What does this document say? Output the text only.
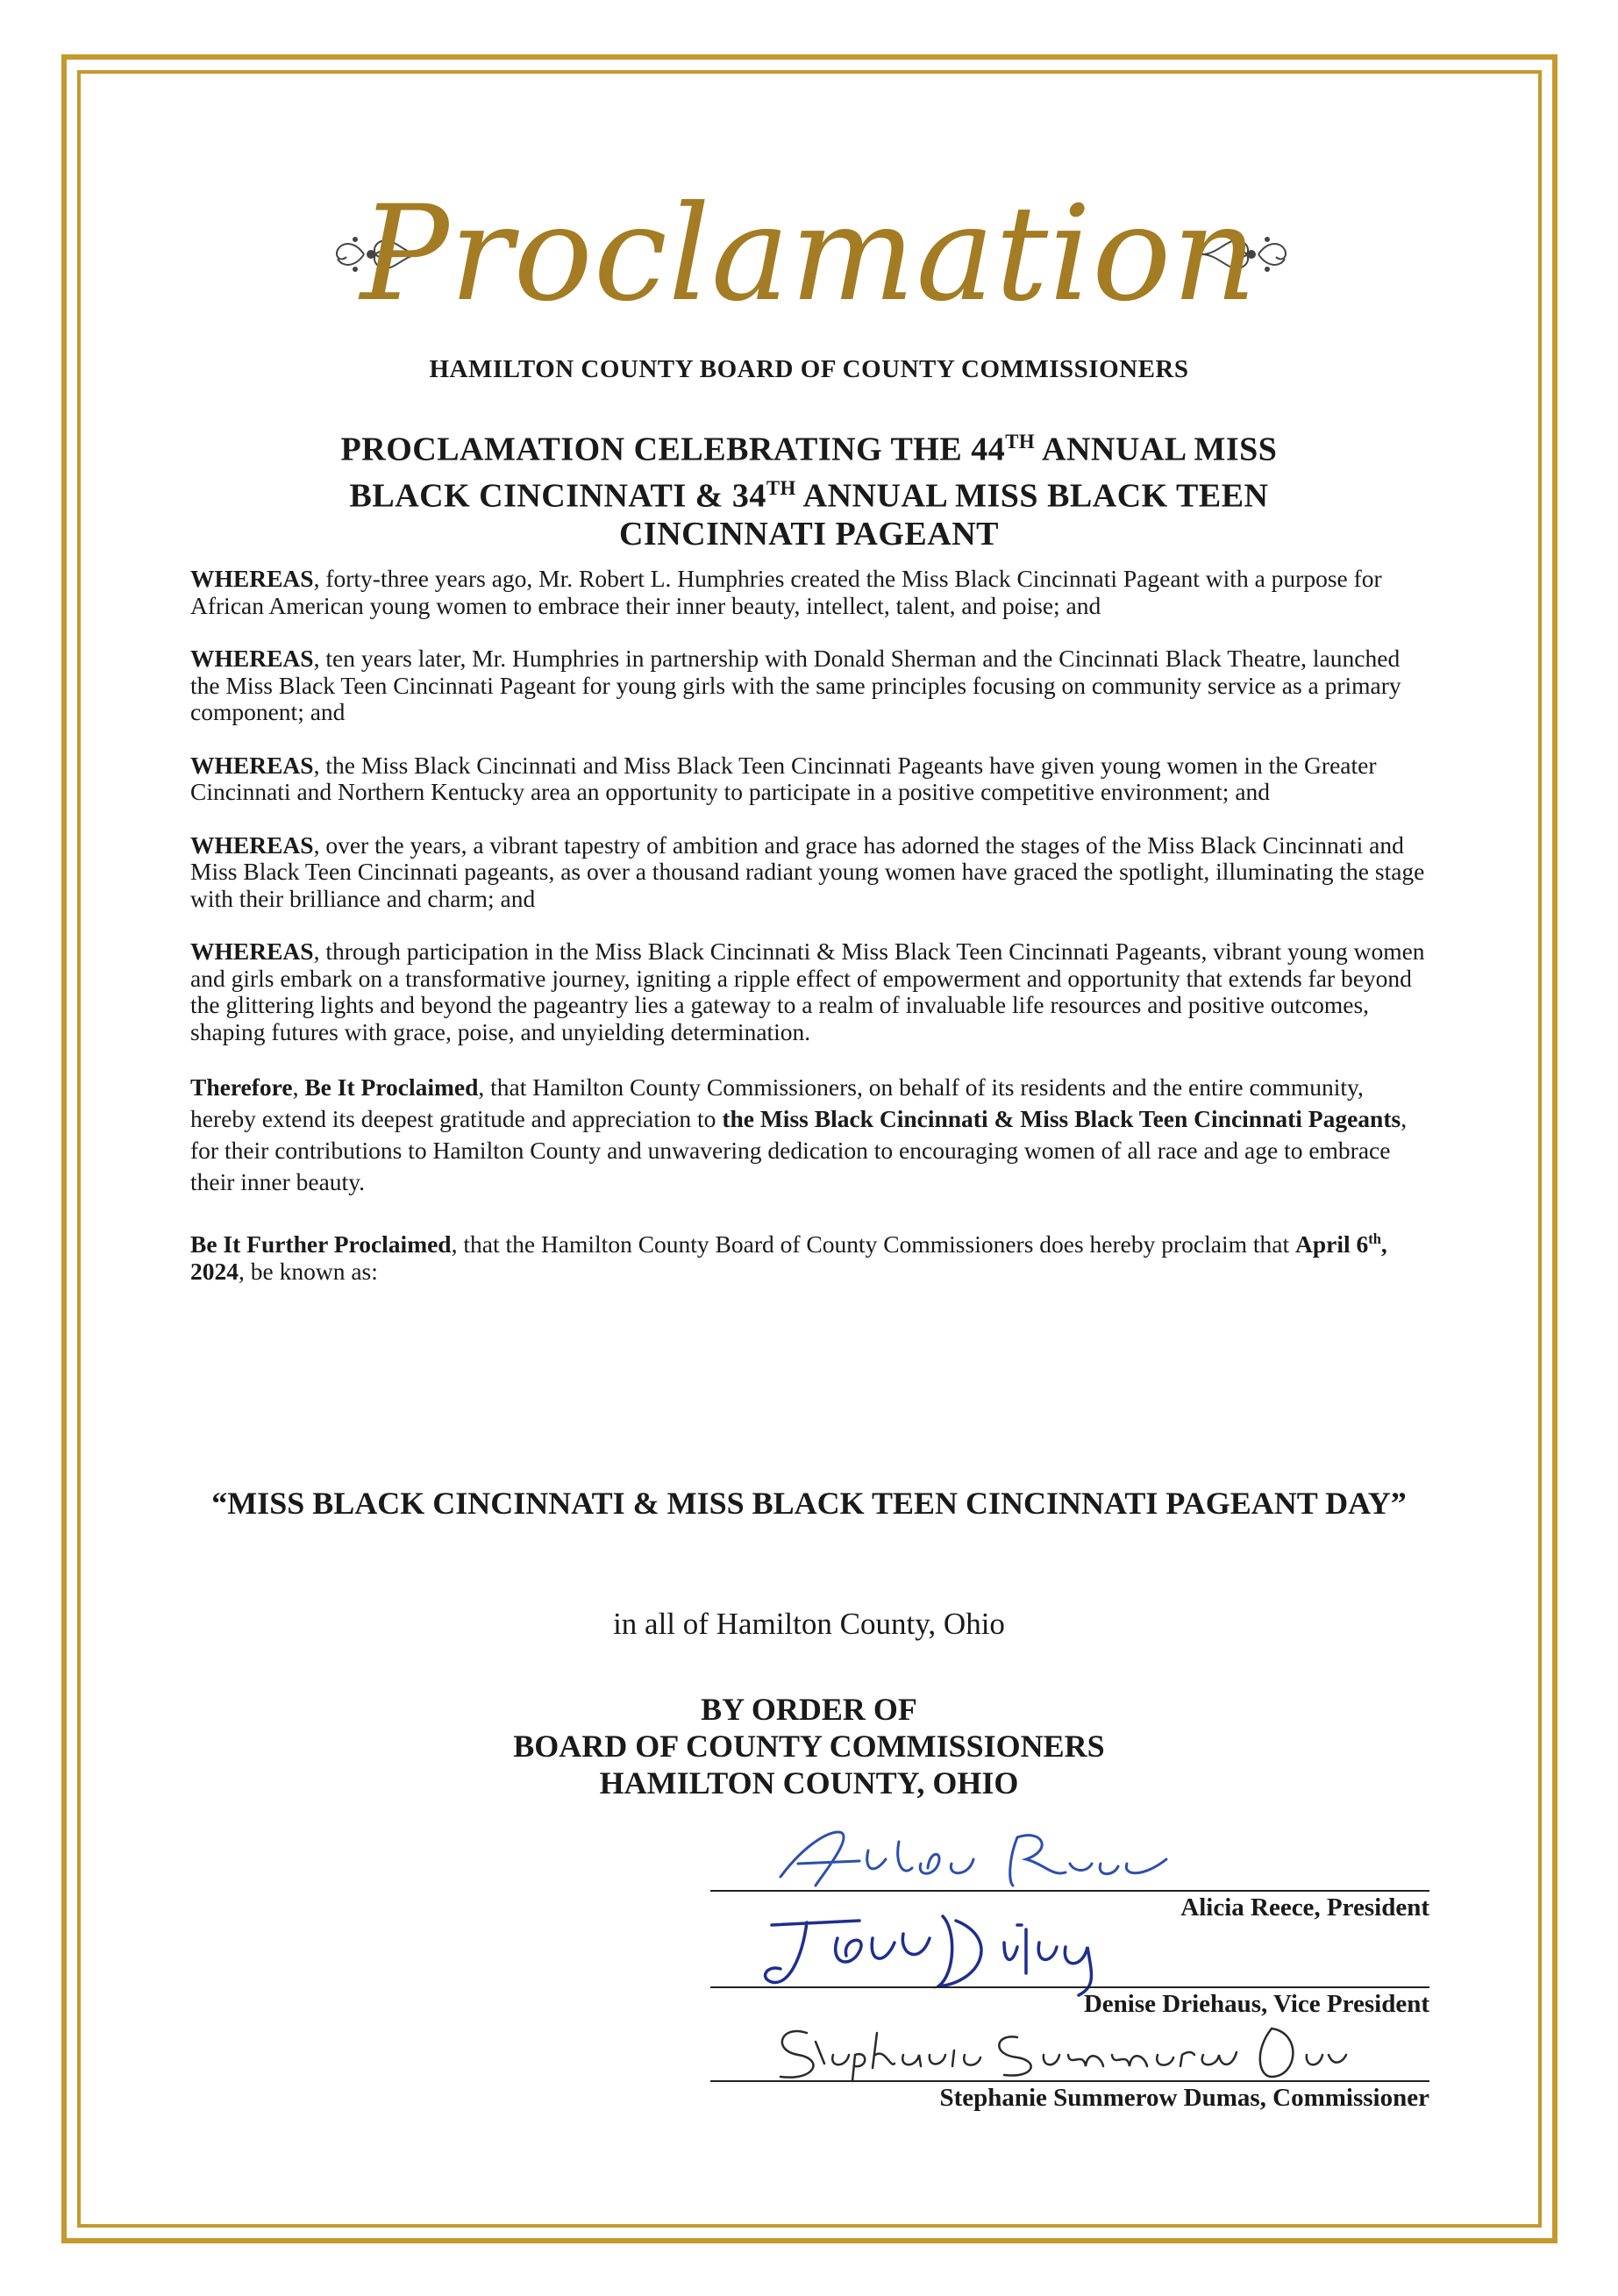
Proclamation
HAMILTON COUNTY BOARD OF COUNTY COMMISSIONERS
PROCLAMATION CELEBRATING THE 44TH ANNUAL MISS
BLACK CINCINNATI & 34TH ANNUAL MISS BLACK TEEN
CINCINNATI PAGEANT

WHEREAS, forty-three years ago, Mr. Robert L. Humphries created the Miss Black Cincinnati Pageant with a purpose for African American young women to embrace their inner beauty, intellect, talent, and poise; and

WHEREAS, ten years later, Mr. Humphries in partnership with Donald Sherman and the Cincinnati Black Theatre, launched the Miss Black Teen Cincinnati Pageant for young girls with the same principles focusing on community service as a primary component; and

WHEREAS, the Miss Black Cincinnati and Miss Black Teen Cincinnati Pageants have given young women in the Greater Cincinnati and Northern Kentucky area an opportunity to participate in a positive competitive environment; and

WHEREAS, over the years, a vibrant tapestry of ambition and grace has adorned the stages of the Miss Black Cincinnati and Miss Black Teen Cincinnati pageants, as over a thousand radiant young women have graced the spotlight, illuminating the stage with their brilliance and charm; and

WHEREAS, through participation in the Miss Black Cincinnati & Miss Black Teen Cincinnati Pageants, vibrant young women and girls embark on a transformative journey, igniting a ripple effect of empowerment and opportunity that extends far beyond the glittering lights and beyond the pageantry lies a gateway to a realm of invaluable life resources and positive outcomes, shaping futures with grace, poise, and unyielding determination.

Therefore, Be It Proclaimed, that Hamilton County Commissioners, on behalf of its residents and the entire community, hereby extend its deepest gratitude and appreciation to the Miss Black Cincinnati & Miss Black Teen Cincinnati Pageants, for their contributions to Hamilton County and unwavering dedication to encouraging women of all race and age to embrace their inner beauty.

Be It Further Proclaimed, that the Hamilton County Board of County Commissioners does hereby proclaim that April 6th, 2024, be known as:

“MISS BLACK CINCINNATI & MISS BLACK TEEN CINCINNATI PAGEANT DAY”
in all of Hamilton County, Ohio
BY ORDER OF
BOARD OF COUNTY COMMISSIONERS
HAMILTON COUNTY, OHIO
Alicia Reece, President
Denise Driehaus, Vice President
Stephanie Summerow Dumas, Commissioner
